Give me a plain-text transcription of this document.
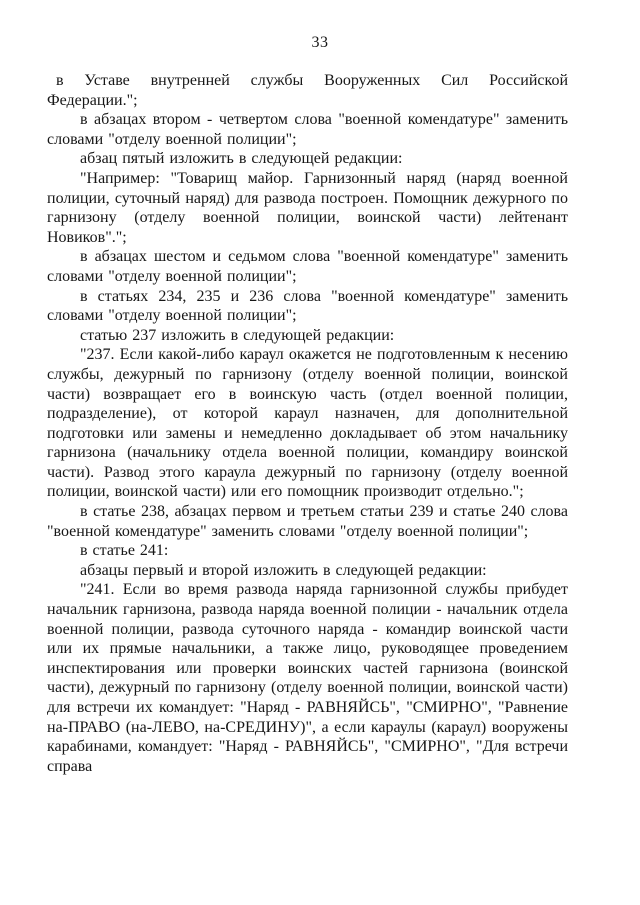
33

в Уставе внутренней службы Вооруженных Сил Российской Федерации.";

в абзацах втором - четвертом слова "военной комендатуре" заменить словами "отделу военной полиции";

абзац пятый изложить в следующей редакции:

"Например: "Товарищ майор. Гарнизонный наряд (наряд военной полиции, суточный наряд) для развода построен. Помощник дежурного по гарнизону (отделу военной полиции, воинской части) лейтенант Новиков".";

в абзацах шестом и седьмом слова "военной комендатуре" заменить словами "отделу военной полиции";

в статьях 234, 235 и 236 слова "военной комендатуре" заменить словами "отделу военной полиции";

статью 237 изложить в следующей редакции:

"237. Если какой-либо караул окажется не подготовленным к несению службы, дежурный по гарнизону (отделу военной полиции, воинской части) возвращает его в воинскую часть (отдел военной полиции, подразделение), от которой караул назначен, для дополнительной подготовки или замены и немедленно докладывает об этом начальнику гарнизона (начальнику отдела военной полиции, командиру воинской части). Развод этого караула дежурный по гарнизону (отделу военной полиции, воинской части) или его помощник производит отдельно.";

в статье 238, абзацах первом и третьем статьи 239 и статье 240 слова "военной комендатуре" заменить словами "отделу военной полиции";

в статье 241:

абзацы первый и второй изложить в следующей редакции:

"241. Если во время развода наряда гарнизонной службы прибудет начальник гарнизона, развода наряда военной полиции - начальник отдела военной полиции, развода суточного наряда - командир воинской части или их прямые начальники, а также лицо, руководящее проведением инспектирования или проверки воинских частей гарнизона (воинской части), дежурный по гарнизону (отделу военной полиции, воинской части) для встречи их командует: "Наряд - РАВНЯЙСЬ", "СМИРНО", "Равнение на-ПРАВО (на-ЛЕВО, на-СРЕДИНУ)", а если караулы (караул) вооружены карабинами, командует: "Наряд - РАВНЯЙСЬ", "СМИРНО", "Для встречи справа
